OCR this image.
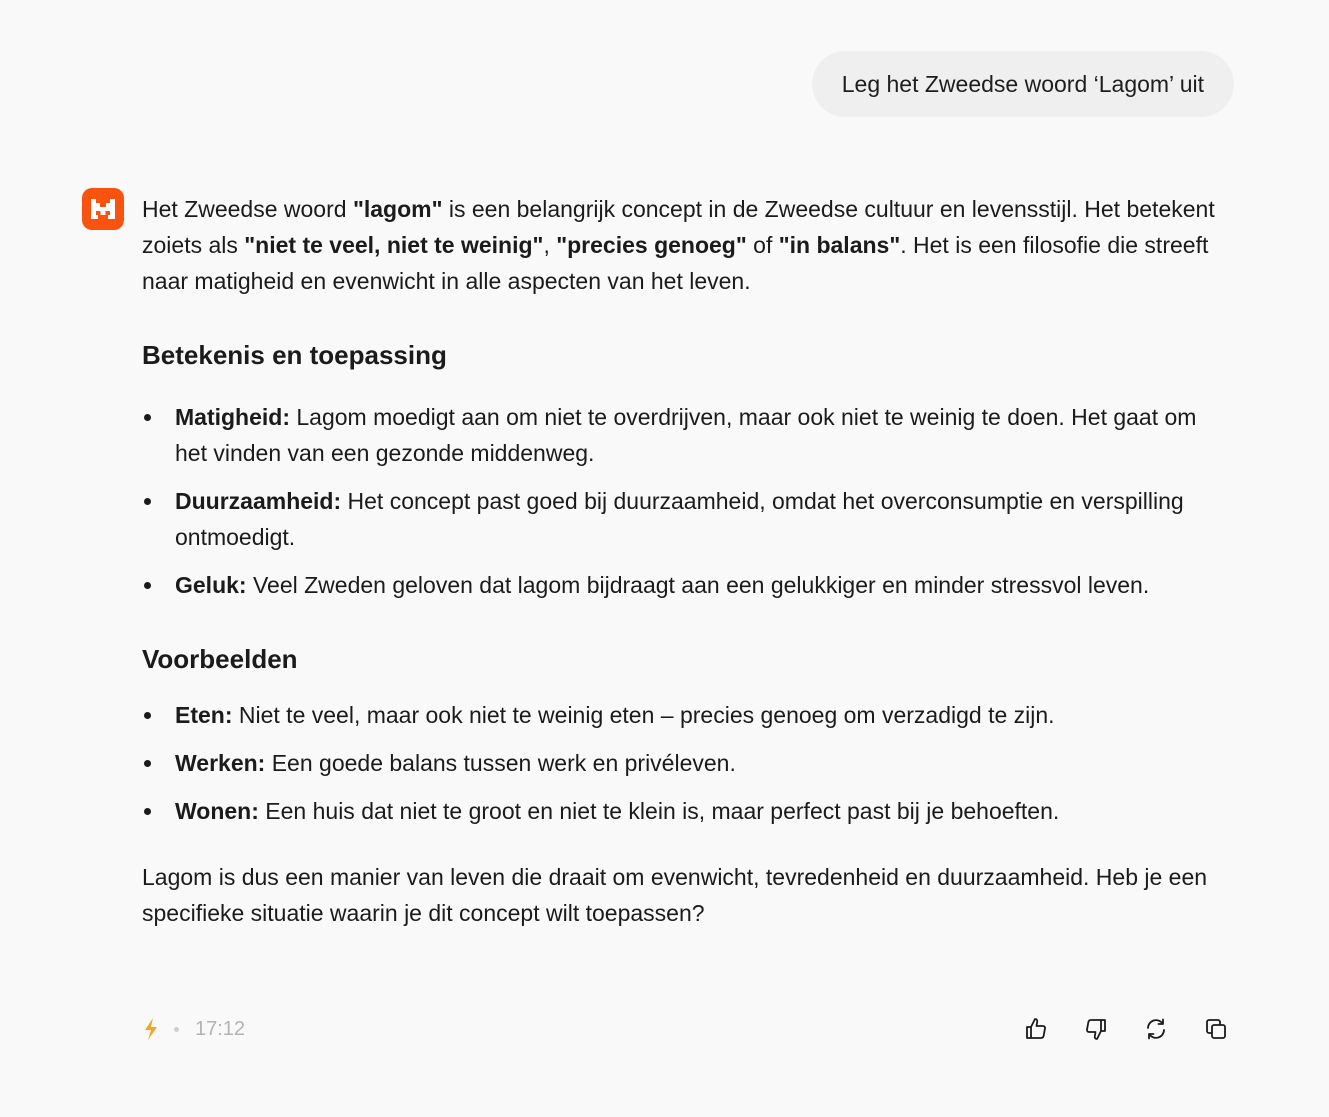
Leg het Zweedse woord ‘Lagom’ uit

Het Zweedse woord "lagom" is een belangrijk concept in de Zweedse cultuur en levensstijl. Het betekent zoiets als "niet te veel, niet te weinig", "precies genoeg" of "in balans". Het is een filosofie die streeft naar matigheid en evenwicht in alle aspecten van het leven.

Betekenis en toepassing
Matigheid: Lagom moedigt aan om niet te overdrijven, maar ook niet te weinig te doen. Het gaat om het vinden van een gezonde middenweg.
Duurzaamheid: Het concept past goed bij duurzaamheid, omdat het overconsumptie en verspilling ontmoedigt.
Geluk: Veel Zweden geloven dat lagom bijdraagt aan een gelukkiger en minder stressvol leven.
Voorbeelden
Eten: Niet te veel, maar ook niet te weinig eten – precies genoeg om verzadigd te zijn.
Werken: Een goede balans tussen werk en privéleven.
Wonen: Een huis dat niet te groot en niet te klein is, maar perfect past bij je behoeften.

Lagom is dus een manier van leven die draait om evenwicht, tevredenheid en duurzaamheid. Heb je een specifieke situatie waarin je dit concept wilt toepassen?

17:12
